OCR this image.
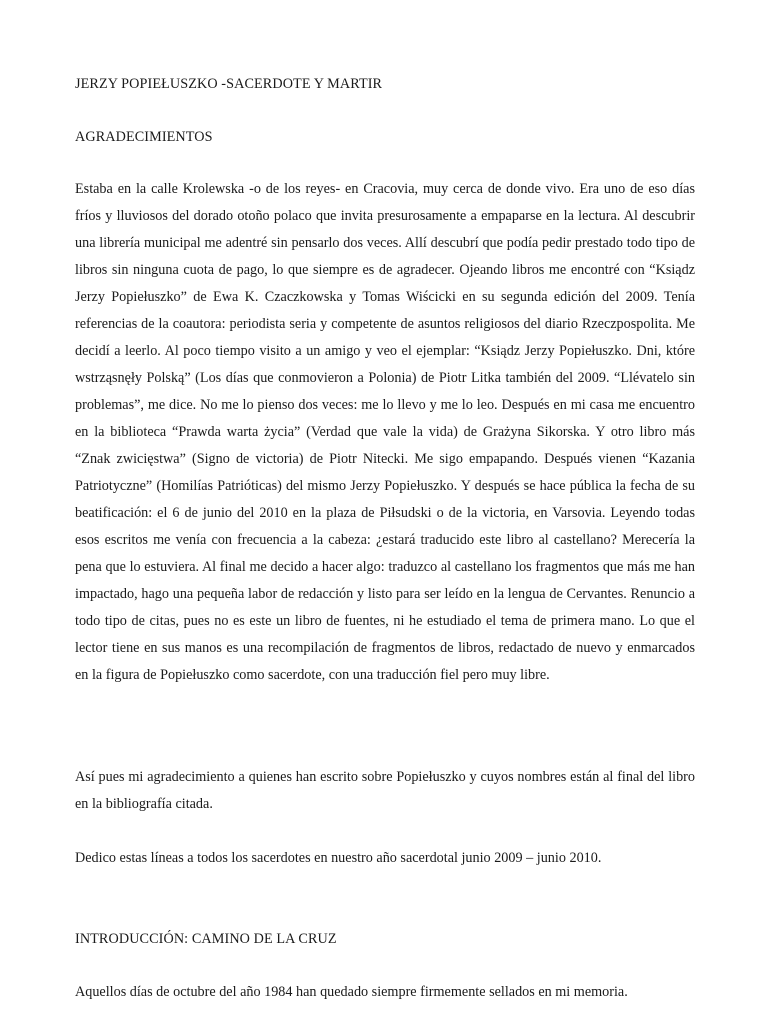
JERZY POPIEŁUSZKO -SACERDOTE Y MARTIR
AGRADECIMIENTOS
Estaba en la calle Krolewska -o de los reyes- en Cracovia, muy cerca de donde vivo. Era uno de eso días fríos y lluviosos del dorado otoño polaco que invita presurosamente a empaparse en la lectura. Al descubrir una librería municipal me adentré sin pensarlo dos veces. Allí descubrí que podía pedir prestado todo tipo de libros sin ninguna cuota de pago, lo que siempre es de agradecer. Ojeando libros me encontré con “Ksiądz Jerzy Popiełuszko” de Ewa K. Czaczkowska y Tomas Wiścicki en su segunda edición del 2009. Tenía referencias de la coautora: periodista seria y competente de asuntos religiosos del diario Rzeczpospolita. Me decidí a leerlo. Al poco tiempo visito a un amigo y veo el ejemplar: “Ksiądz Jerzy Popiełuszko. Dni, które wstrząsnęły Polską” (Los días que conmovieron a Polonia) de Piotr Litka también del 2009. “Llévatelo sin problemas”, me dice. No me lo pienso dos veces: me lo llevo y me lo leo. Después en mi casa me encuentro en la biblioteca “Prawda warta życia” (Verdad que vale la vida) de Grażyna Sikorska. Y otro libro más “Znak zwicięstwa” (Signo de victoria) de Piotr Nitecki. Me sigo empapando. Después vienen “Kazania Patriotyczne” (Homilías Patrióticas) del mismo Jerzy Popiełuszko. Y después se hace pública la fecha de su beatificación: el 6 de junio del 2010 en la plaza de Piłsudski o de la victoria, en Varsovia. Leyendo todas esos escritos me venía con frecuencia a la cabeza: ¿estará traducido este libro al castellano? Merecería la pena que lo estuviera. Al final me decido a hacer algo: traduzco al castellano los fragmentos que más me han impactado, hago una pequeña labor de redacción y listo para ser leído en la lengua de Cervantes. Renuncio a todo tipo de citas, pues no es este un libro de fuentes, ni he estudiado el tema de primera mano. Lo que el lector tiene en sus manos es una recompilación de fragmentos de libros, redactado de nuevo y enmarcados en la figura de Popiełuszko como sacerdote, con una traducción fiel pero muy libre.
Así pues mi agradecimiento a quienes han escrito sobre Popiełuszko y cuyos nombres están al final del libro en la bibliografía citada.
Dedico estas líneas a todos los sacerdotes en nuestro año sacerdotal junio 2009 – junio 2010.
INTRODUCCIÓN: CAMINO DE LA CRUZ
Aquellos días de octubre del año 1984 han quedado siempre firmemente sellados en mi memoria.
